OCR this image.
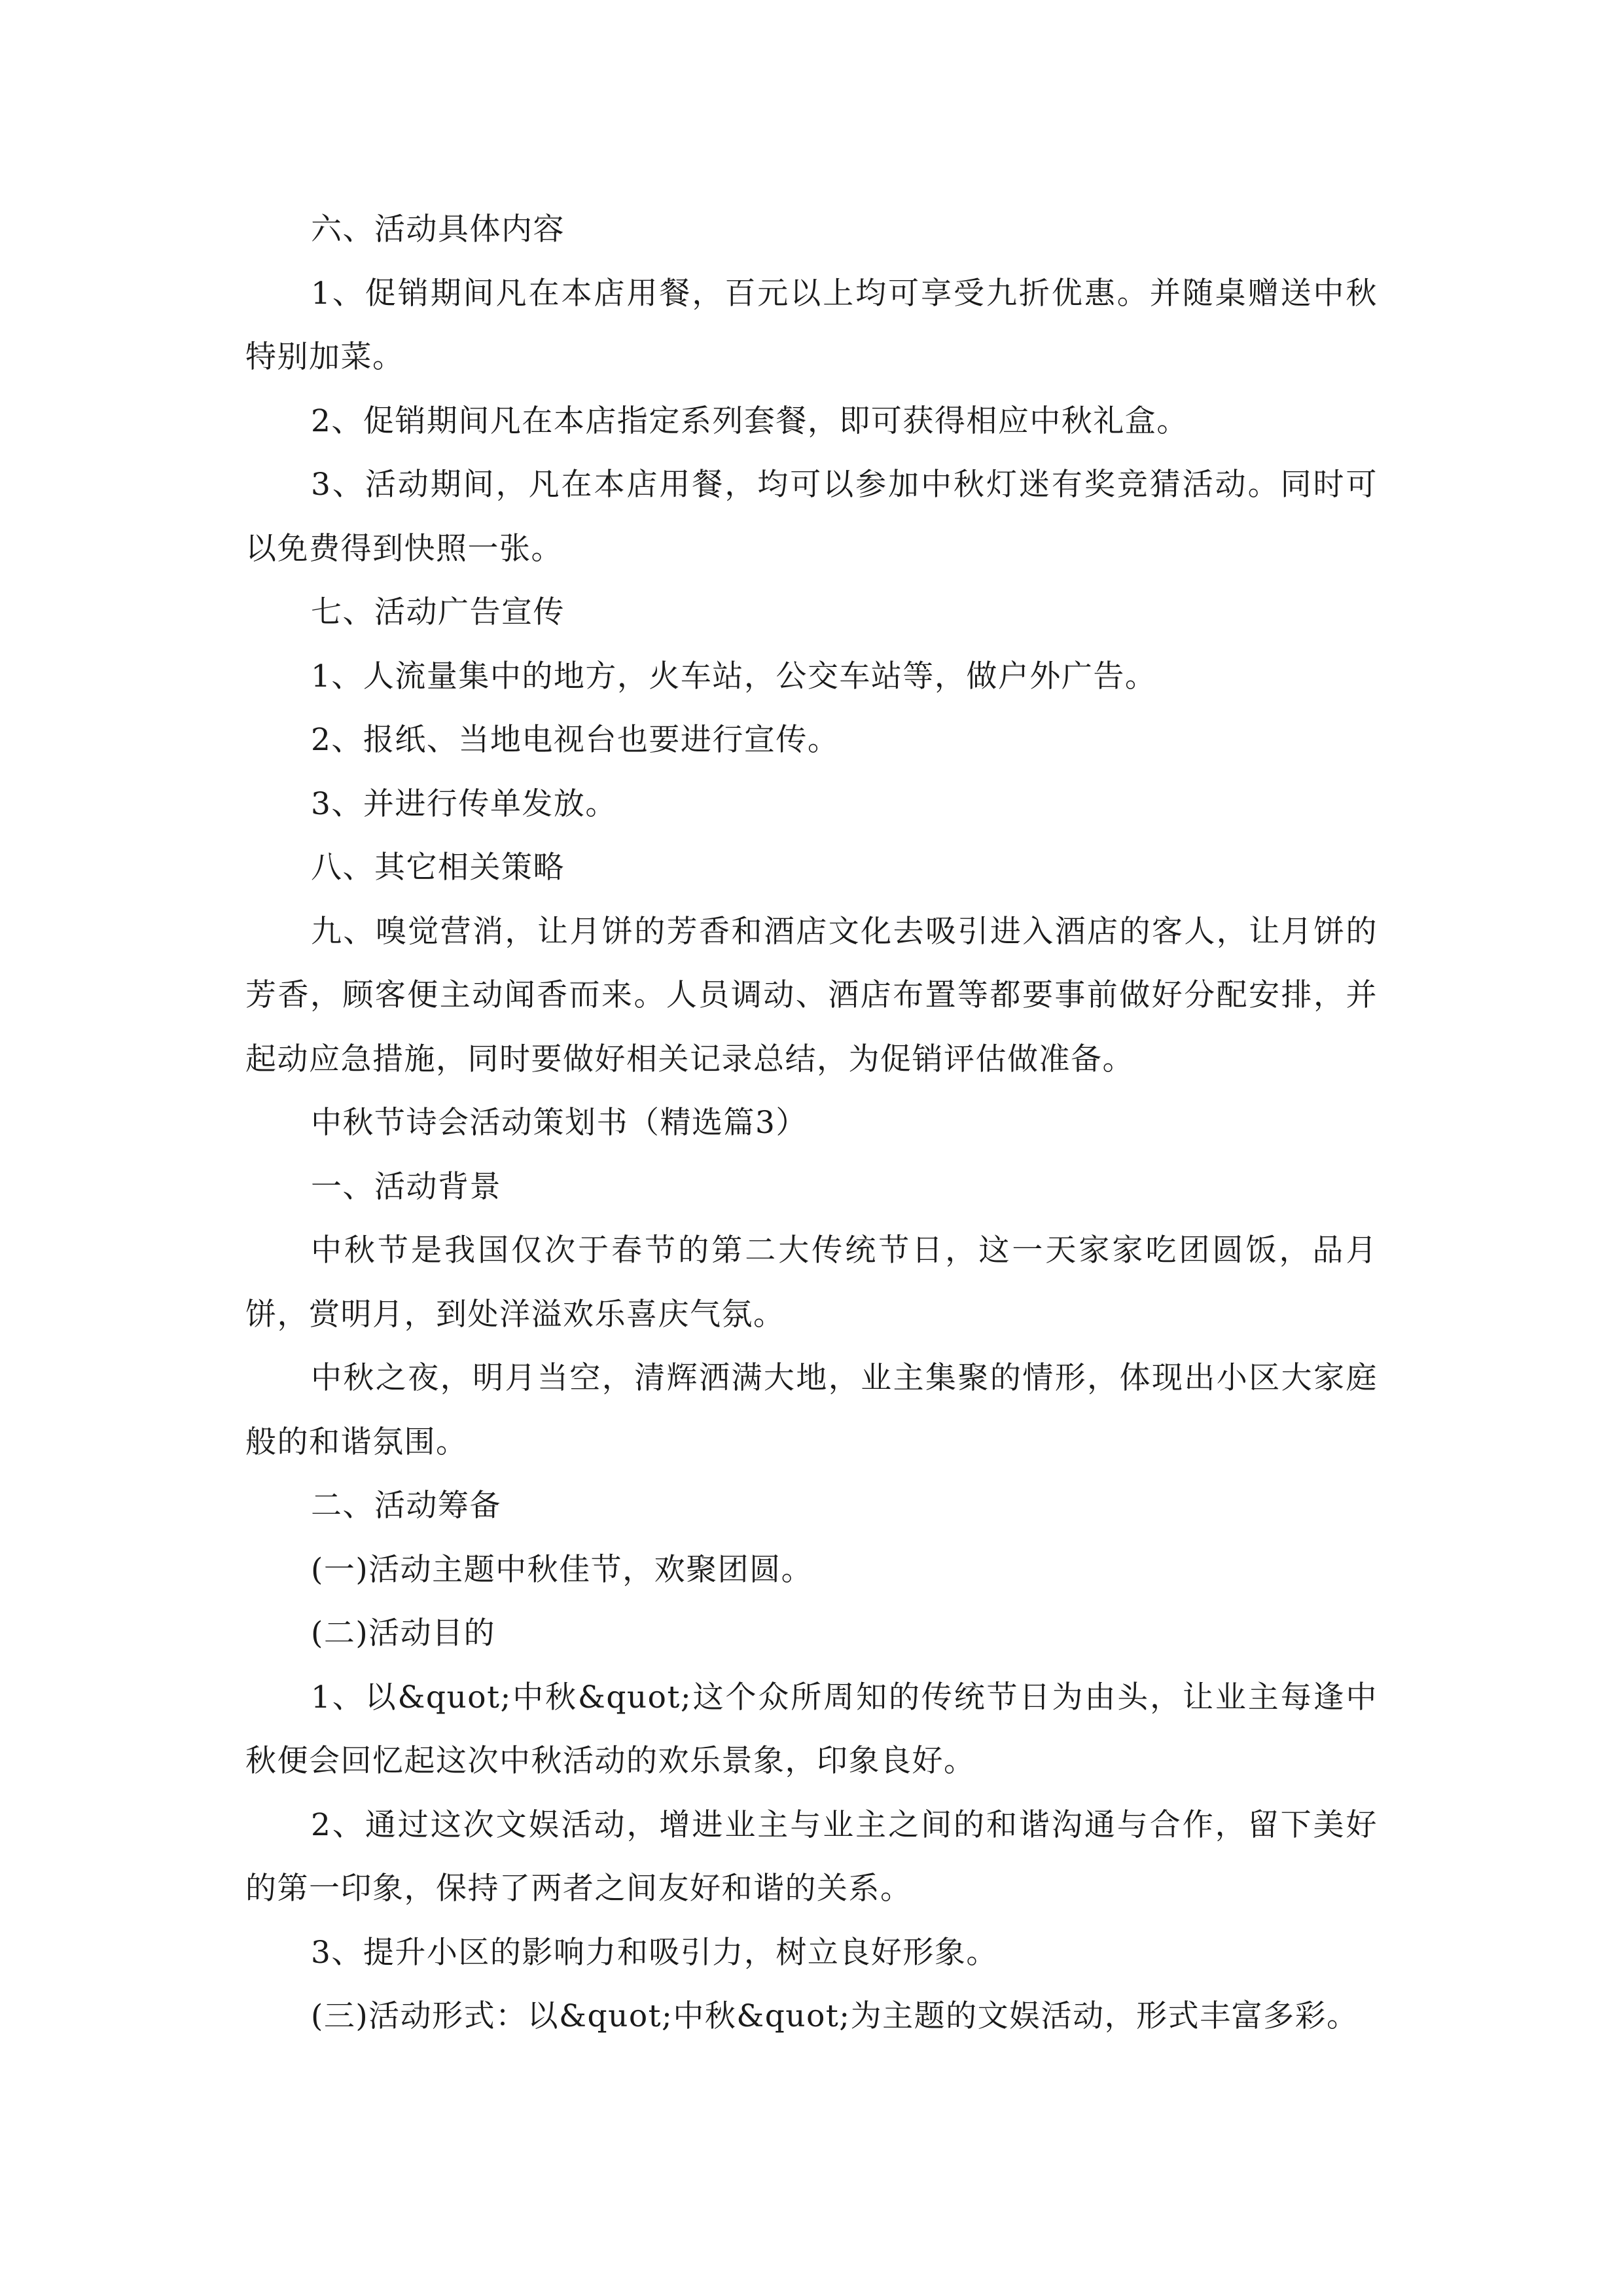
六、活动具体内容

1、促销期间凡在本店用餐，百元以上均可享受九折优惠。并随桌赠送中秋特别加菜。

2、促销期间凡在本店指定系列套餐，即可获得相应中秋礼盒。

3、活动期间，凡在本店用餐，均可以参加中秋灯迷有奖竞猜活动。同时可以免费得到快照一张。

七、活动广告宣传

1、人流量集中的地方，火车站，公交车站等，做户外广告。

2、报纸、当地电视台也要进行宣传。

3、并进行传单发放。

八、其它相关策略

九、嗅觉营消，让月饼的芳香和酒店文化去吸引进入酒店的客人，让月饼的芳香，顾客便主动闻香而来。人员调动、酒店布置等都要事前做好分配安排，并起动应急措施，同时要做好相关记录总结，为促销评估做准备。

中秋节诗会活动策划书（精选篇3）

一、活动背景

中秋节是我国仅次于春节的第二大传统节日，这一天家家吃团圆饭，品月饼，赏明月，到处洋溢欢乐喜庆气氛。

中秋之夜，明月当空，清辉洒满大地，业主集聚的情形，体现出小区大家庭般的和谐氛围。

二、活动筹备

(一)活动主题中秋佳节，欢聚团圆。

(二)活动目的

1、以&quot;中秋&quot;这个众所周知的传统节日为由头，让业主每逢中秋便会回忆起这次中秋活动的欢乐景象，印象良好。

2、通过这次文娱活动，增进业主与业主之间的和谐沟通与合作，留下美好的第一印象，保持了两者之间友好和谐的关系。

3、提升小区的影响力和吸引力，树立良好形象。

(三)活动形式：以&quot;中秋&quot;为主题的文娱活动，形式丰富多彩。
